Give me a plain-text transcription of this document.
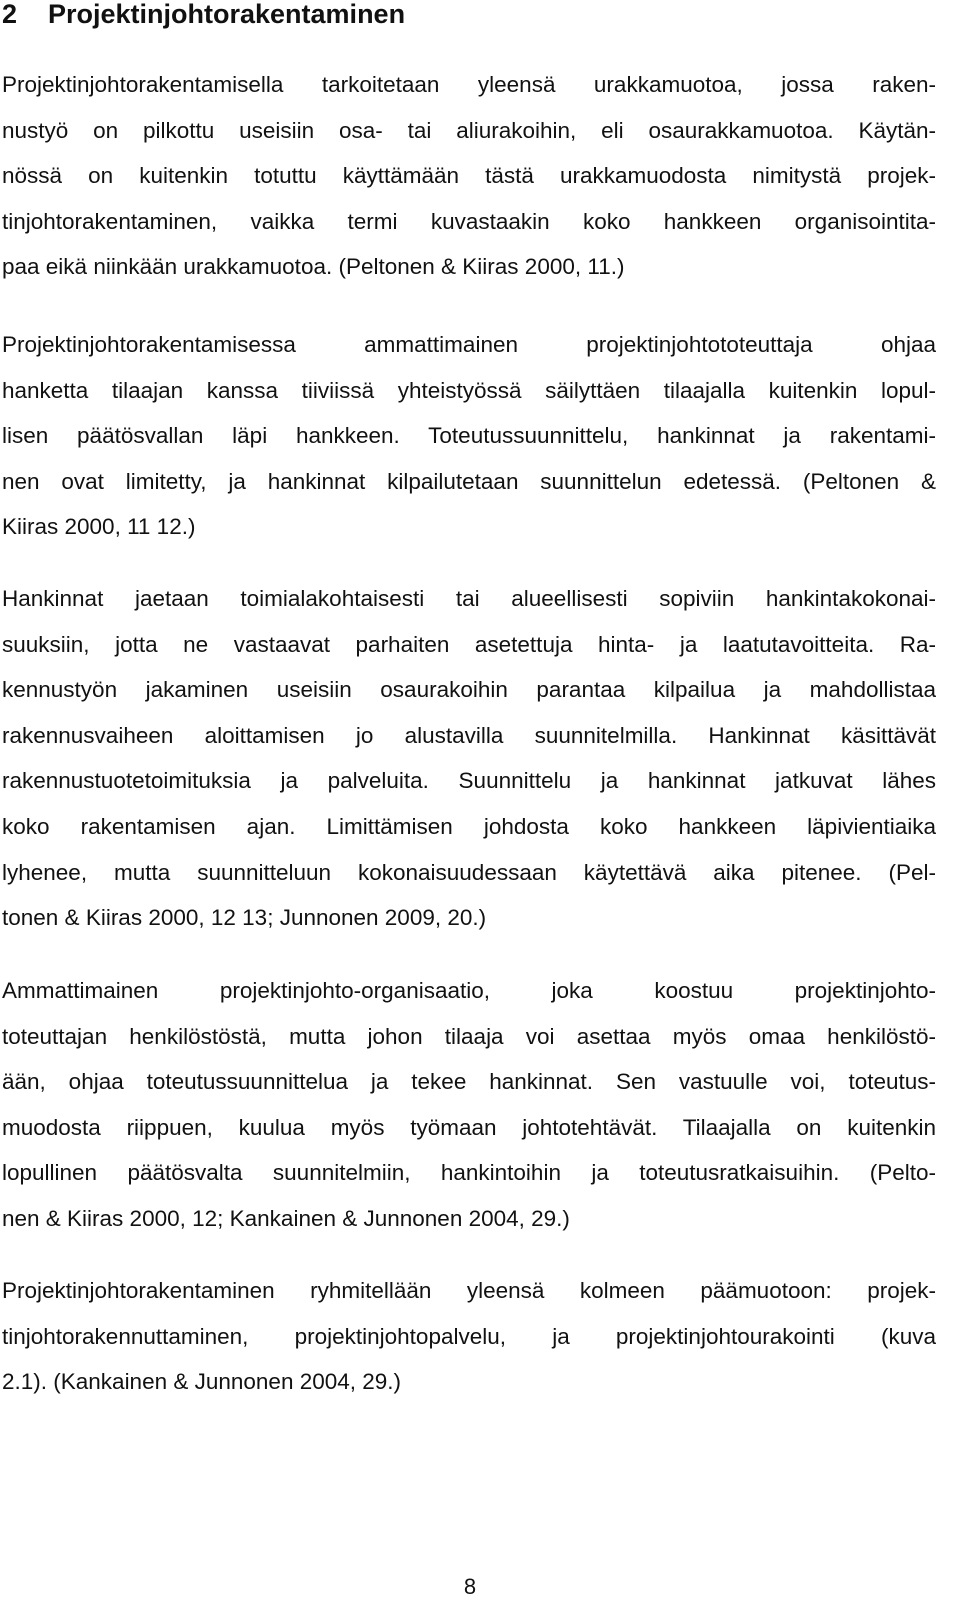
2 Projektinjohtorakentaminen
Projektinjohtorakentamisella tarkoitetaan yleensä urakkamuotoa, jossa raken-
nustyö on pilkottu useisiin osa- tai aliurakoihin, eli osaurakkamuotoa. Käytän-
nössä on kuitenkin totuttu käyttämään tästä urakkamuodosta nimitystä projek-
tinjohtorakentaminen, vaikka termi kuvastaakin koko hankkeen organisointita-
paa eikä niinkään urakkamuotoa. (Peltonen & Kiiras 2000, 11.)
Projektinjohtorakentamisessa ammattimainen projektinjohtototeuttaja ohjaa
hanketta tilaajan kanssa tiiviissä yhteistyössä säilyttäen tilaajalla kuitenkin lopul-
lisen päätösvallan läpi hankkeen. Toteutussuunnittelu, hankinnat ja rakentami-
nen ovat limitetty, ja hankinnat kilpailutetaan suunnittelun edetessä. (Peltonen &
Kiiras 2000, 11 12.)
Hankinnat jaetaan toimialakohtaisesti tai alueellisesti sopiviin hankintakokonai-
suuksiin, jotta ne vastaavat parhaiten asetettuja hinta- ja laatutavoitteita. Ra-
kennustyön jakaminen useisiin osaurakoihin parantaa kilpailua ja mahdollistaa
rakennusvaiheen aloittamisen jo alustavilla suunnitelmilla. Hankinnat käsittävät
rakennustuotetoimituksia ja palveluita. Suunnittelu ja hankinnat jatkuvat lähes
koko rakentamisen ajan. Limittämisen johdosta koko hankkeen läpivientiaika
lyhenee, mutta suunnitteluun kokonaisuudessaan käytettävä aika pitenee. (Pel-
tonen & Kiiras 2000, 12 13; Junnonen 2009, 20.)
Ammattimainen projektinjohto-organisaatio, joka koostuu projektinjohto-
toteuttajan henkilöstöstä, mutta johon tilaaja voi asettaa myös omaa henkilöstö-
ään, ohjaa toteutussuunnittelua ja tekee hankinnat. Sen vastuulle voi, toteutus-
muodosta riippuen, kuulua myös työmaan johtotehtävät. Tilaajalla on kuitenkin
lopullinen päätösvalta suunnitelmiin, hankintoihin ja toteutusratkaisuihin. (Pelto-
nen & Kiiras 2000, 12; Kankainen & Junnonen 2004, 29.)
Projektinjohtorakentaminen ryhmitellään yleensä kolmeen päämuotoon: projek-
tinjohtorakennuttaminen, projektinjohtopalvelu, ja projektinjohtourakointi (kuva
2.1). (Kankainen & Junnonen 2004, 29.)
8
